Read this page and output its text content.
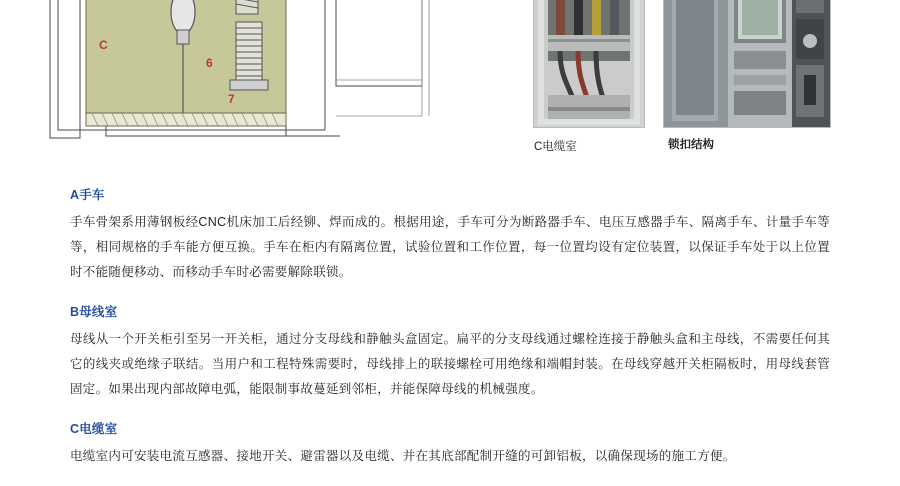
C
6
7
C电缆室	锁扣结构
A手车
手车骨架系用薄钢板经CNC机床加工后经铆、焊而成的。根据用途，手车可分为断路器手车、电压互感器手车、隔离手车、计量手车等等，相同规格的手车能方便互换。手车在柜内有隔离位置，试验位置和工作位置，每一位置均设有定位装置，以保证手车处于以上位置时不能随便移动、而移动手车时必需要解除联锁。
B母线室
母线从一个开关柜引至另一开关柜，通过分支母线和静触头盒固定。扁平的分支母线通过螺栓连接于静触头盒和主母线，不需要任何其它的线夹或绝缘子联结。当用户和工程特殊需要时，母线排上的联接螺栓可用绝缘和端帽封装。在母线穿越开关柜隔板时，用母线套管固定。如果出现内部故障电弧，能限制事故蔓延到邻柜，并能保障母线的机械强度。
C电缆室
电缆室内可安装电流互感器、接地开关、避雷器以及电缆、并在其底部配制开缝的可卸铝板，以确保现场的施工方便。
